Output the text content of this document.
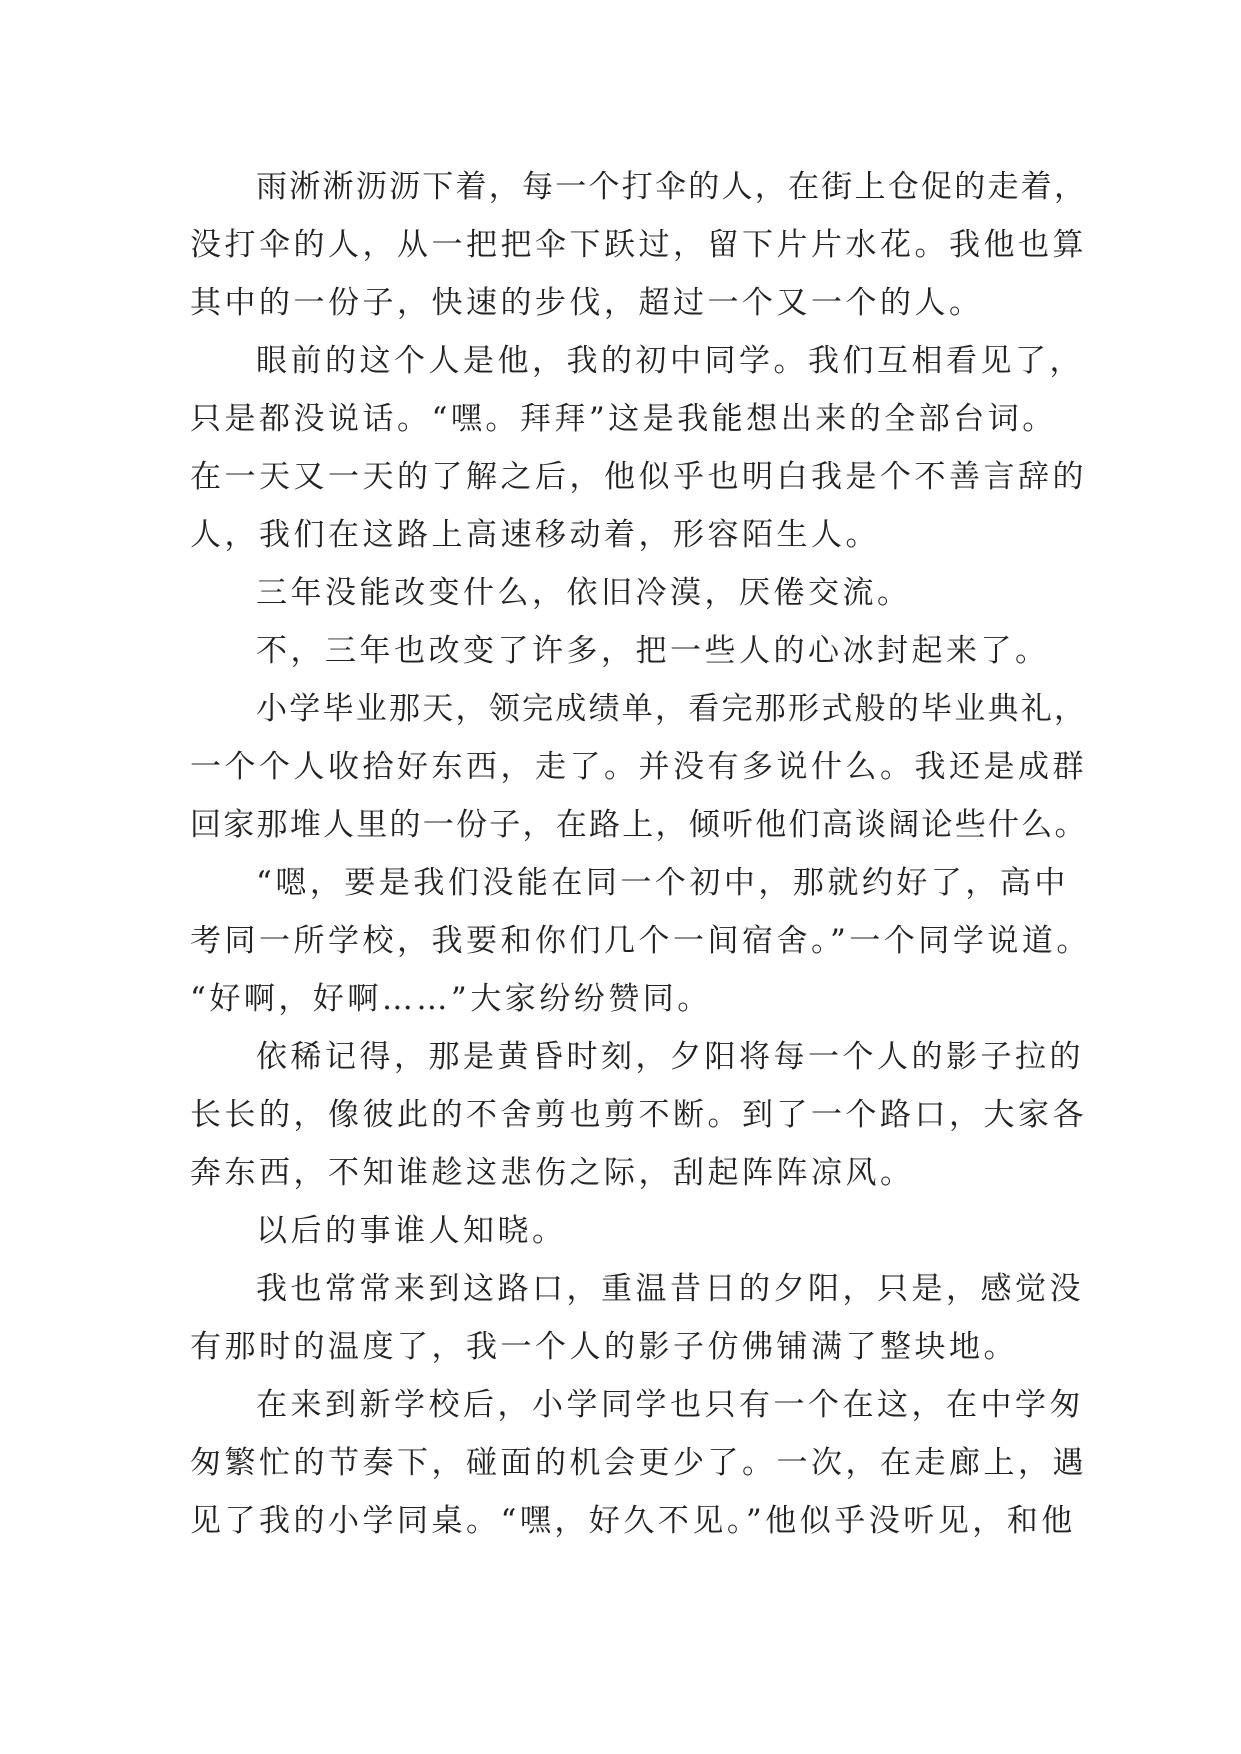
雨淅淅沥沥下着，每一个打伞的人，在街上仓促的走着，
没打伞的人，从一把把伞下跃过，留下片片水花。我他也算
其中的一份子，快速的步伐，超过一个又一个的人。
眼前的这个人是他，我的初中同学。我们互相看见了，
只是都没说话。“嘿。拜拜”这是我能想出来的全部台词。
在一天又一天的了解之后，他似乎也明白我是个不善言辞的
人，我们在这路上高速移动着，形容陌生人。
三年没能改变什么，依旧冷漠，厌倦交流。
不，三年也改变了许多，把一些人的心冰封起来了。
小学毕业那天，领完成绩单，看完那形式般的毕业典礼，
一个个人收拾好东西，走了。并没有多说什么。我还是成群
回家那堆人里的一份子，在路上，倾听他们高谈阔论些什么。
“嗯，要是我们没能在同一个初中，那就约好了，高中
考同一所学校，我要和你们几个一间宿舍。”一个同学说道。
“好啊，好啊……”大家纷纷赞同。
依稀记得，那是黄昏时刻，夕阳将每一个人的影子拉的
长长的，像彼此的不舍剪也剪不断。到了一个路口，大家各
奔东西，不知谁趁这悲伤之际，刮起阵阵凉风。
以后的事谁人知晓。
我也常常来到这路口，重温昔日的夕阳，只是，感觉没
有那时的温度了，我一个人的影子仿佛铺满了整块地。
在来到新学校后，小学同学也只有一个在这，在中学匆
匆繁忙的节奏下，碰面的机会更少了。一次，在走廊上，遇
见了我的小学同桌。“嘿，好久不见。”他似乎没听见，和他
